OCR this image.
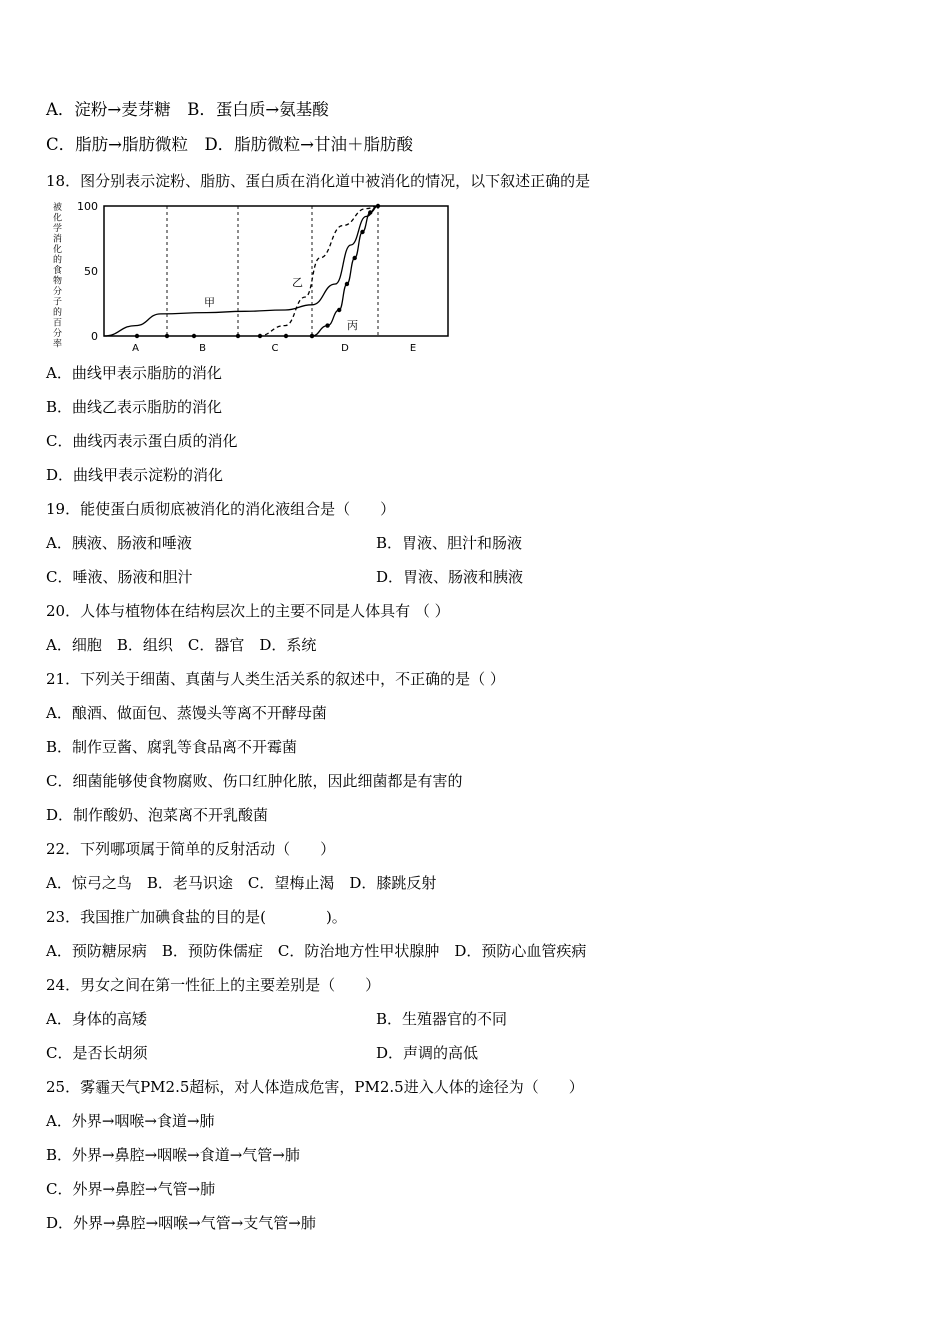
A．淀粉→麦芽糖　B．蛋白质→氨基酸

C．脂肪→脂肪微粒　D．脂肪微粒→甘油＋脂肪酸

18．图分别表示淀粉、脂肪、蛋白质在消化道中被消化的情况，以下叙述正确的是

被化学消化的食物分子的百分率
0
50
100
A	B	C	D	E
甲
乙
丙

A．曲线甲表示脂肪的消化

B．曲线乙表示脂肪的消化

C．曲线丙表示蛋白质的消化

D．曲线甲表示淀粉的消化

19．能使蛋白质彻底被消化的消化液组合是（　　）

A．胰液、肠液和唾液	B．胃液、胆汁和肠液

C．唾液、肠液和胆汁	D．胃液、肠液和胰液

20．人体与植物体在结构层次上的主要不同是人体具有 （ ）

A．细胞　B．组织　C．器官　D．系统

21．下列关于细菌、真菌与人类生活关系的叙述中，不正确的是（ ）

A．酿酒、做面包、蒸馒头等离不开酵母菌

B．制作豆酱、腐乳等食品离不开霉菌

C．细菌能够使食物腐败、伤口红肿化脓，因此细菌都是有害的

D．制作酸奶、泡菜离不开乳酸菌

22．下列哪项属于简单的反射活动（　　）

A．惊弓之鸟　B．老马识途　C．望梅止渴　D．膝跳反射

23．我国推广加碘食盐的目的是(　　　　)。

A．预防糖尿病　B．预防侏儒症　C．防治地方性甲状腺肿　D．预防心血管疾病

24．男女之间在第一性征上的主要差别是（　　）

A．身体的高矮	B．生殖器官的不同

C．是否长胡须	D．声调的高低

25．雾霾天气PM2.5超标，对人体造成危害，PM2.5进入人体的途径为（　　）

A．外界→咽喉→食道→肺

B．外界→鼻腔→咽喉→食道→气管→肺

C．外界→鼻腔→气管→肺

D．外界→鼻腔→咽喉→气管→支气管→肺
